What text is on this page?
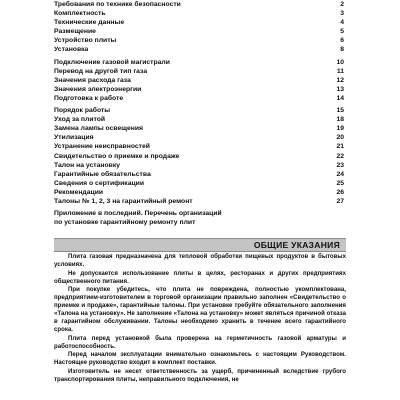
Требования по технике безопасности	2
Комплектность	3
Технические данные	4
Размещение	5
Устройство плиты	6
Установка	8
Подключение газовой магистрали	10
Перевод на другой тип газа	11
Значения расхода газа	12
Значения электроэнергии	13
Подготовка к работе	14
Порядок работы	15
Уход за плитой	18
Замена лампы освещения	19
Утилизация	20
Устранение неисправностей	21
Свидетельство о приемке и продаже	22
Талон на установку	23
Гарантийные обязательства	24
Сведения о сертификации	25
Рекомендации	26
Талоны № 1, 2, 3 на гарантийный ремонт	27
Приложение в последний. Перечень организаций
по установке гарантийному ремонту плит
ОБЩИЕ УКАЗАНИЯ

Плита газовая предназначена для тепловой обработки пищевых продуктов в бытовых условиях.

Не допускается использование плиты в целях, ресторанах и других предприятиях общественного питания.

При покупке убедитесь, что плита не повреждена, полностью укомплектована, предприятием-изготовителем в торговой организации правильно заполнен «Свидетельство о приемке и продаже», гарантийные талоны. При установке требуйте обязательного заполнения «Талона на установку». Не заполнение «Талона на установку» может являться причиной отказа в гарантийном обслуживании. Талоны необходимо хранить в течение всего гарантийного срока.

Плита перед установкой была проверена на герметичность газовой арматуры и работоспособность.

Перед началом эксплуатации внимательно ознакомьтесь с настоящим Руководством. Настоящее руководство входит в комплект поставки.

Изготовитель не несет ответственность за ущерб, причиненный вследствие грубого транспортирования плиты, неправильного подключения, не
